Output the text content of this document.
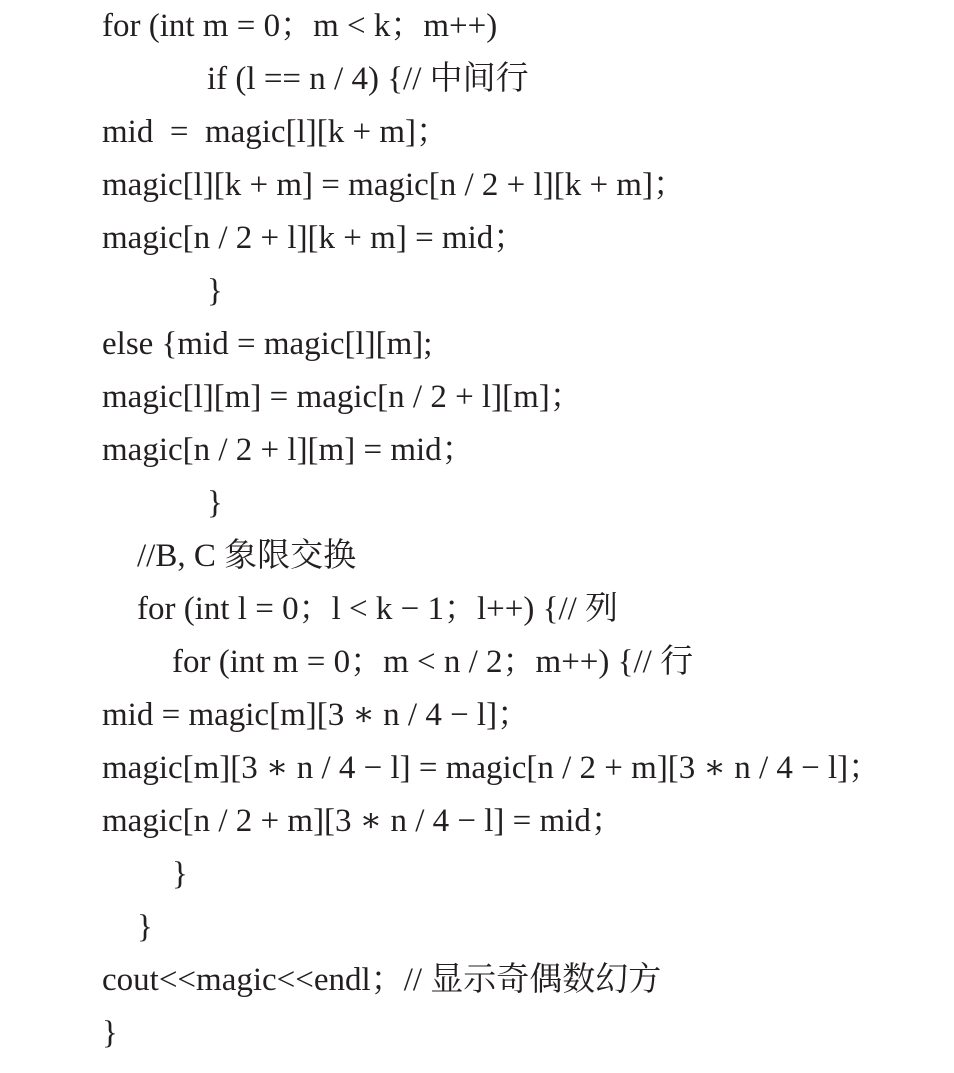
for (int m = 0；m < k；m++)
if (l == n / 4) {// 中间行
mid  =  magic[l][k + m]；
magic[l][k + m] = magic[n / 2 + l][k + m]；
magic[n / 2 + l][k + m] = mid；
}
else {mid = magic[l][m];
magic[l][m] = magic[n / 2 + l][m]；
magic[n / 2 + l][m] = mid；
}
//B, C 象限交换
for (int l = 0；l < k − 1；l++) {// 列
for (int m = 0；m < n / 2；m++) {// 行
mid = magic[m][3 ∗ n / 4 − l]；
magic[m][3 ∗ n / 4 − l] = magic[n / 2 + m][3 ∗ n / 4 − l]；
magic[n / 2 + m][3 ∗ n / 4 − l] = mid；
}
}
cout<<magic<<endl；// 显示奇偶数幻方
}
